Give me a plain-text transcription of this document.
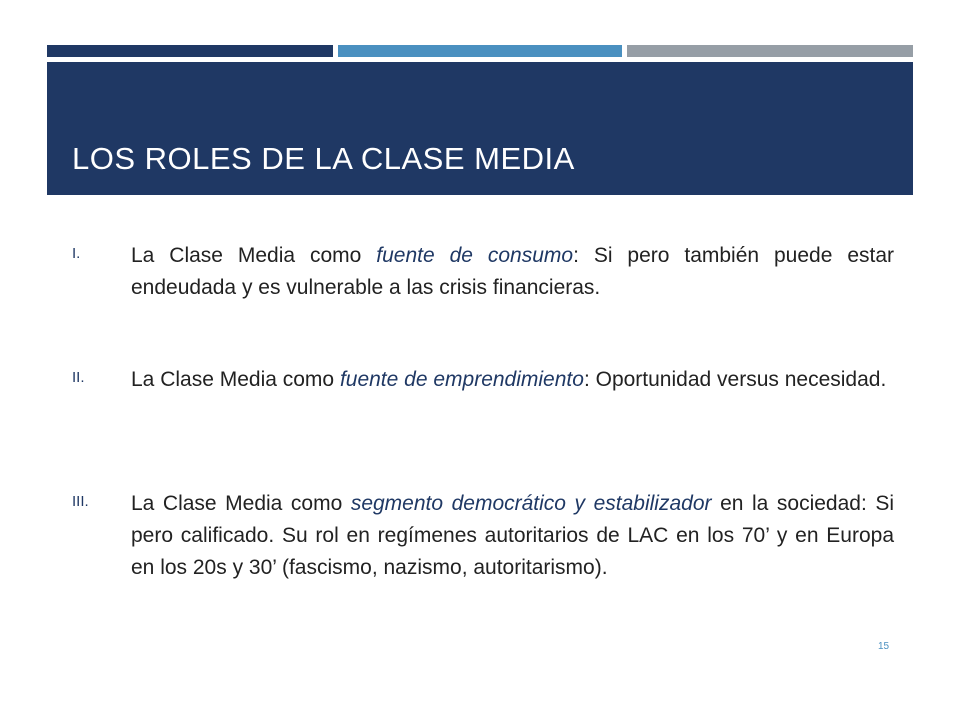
LOS ROLES DE LA CLASE MEDIA
I. La Clase Media como fuente de consumo: Si pero también puede estar endeudada y es vulnerable a las crisis financieras.
II. La Clase Media como fuente de emprendimiento: Oportunidad versus necesidad.
III. La Clase Media como segmento democrático y estabilizador en la sociedad: Si pero calificado. Su rol en regímenes autoritarios de LAC en los 70’ y en Europa en los 20s y 30’ (fascismo, nazismo, autoritarismo).
15
